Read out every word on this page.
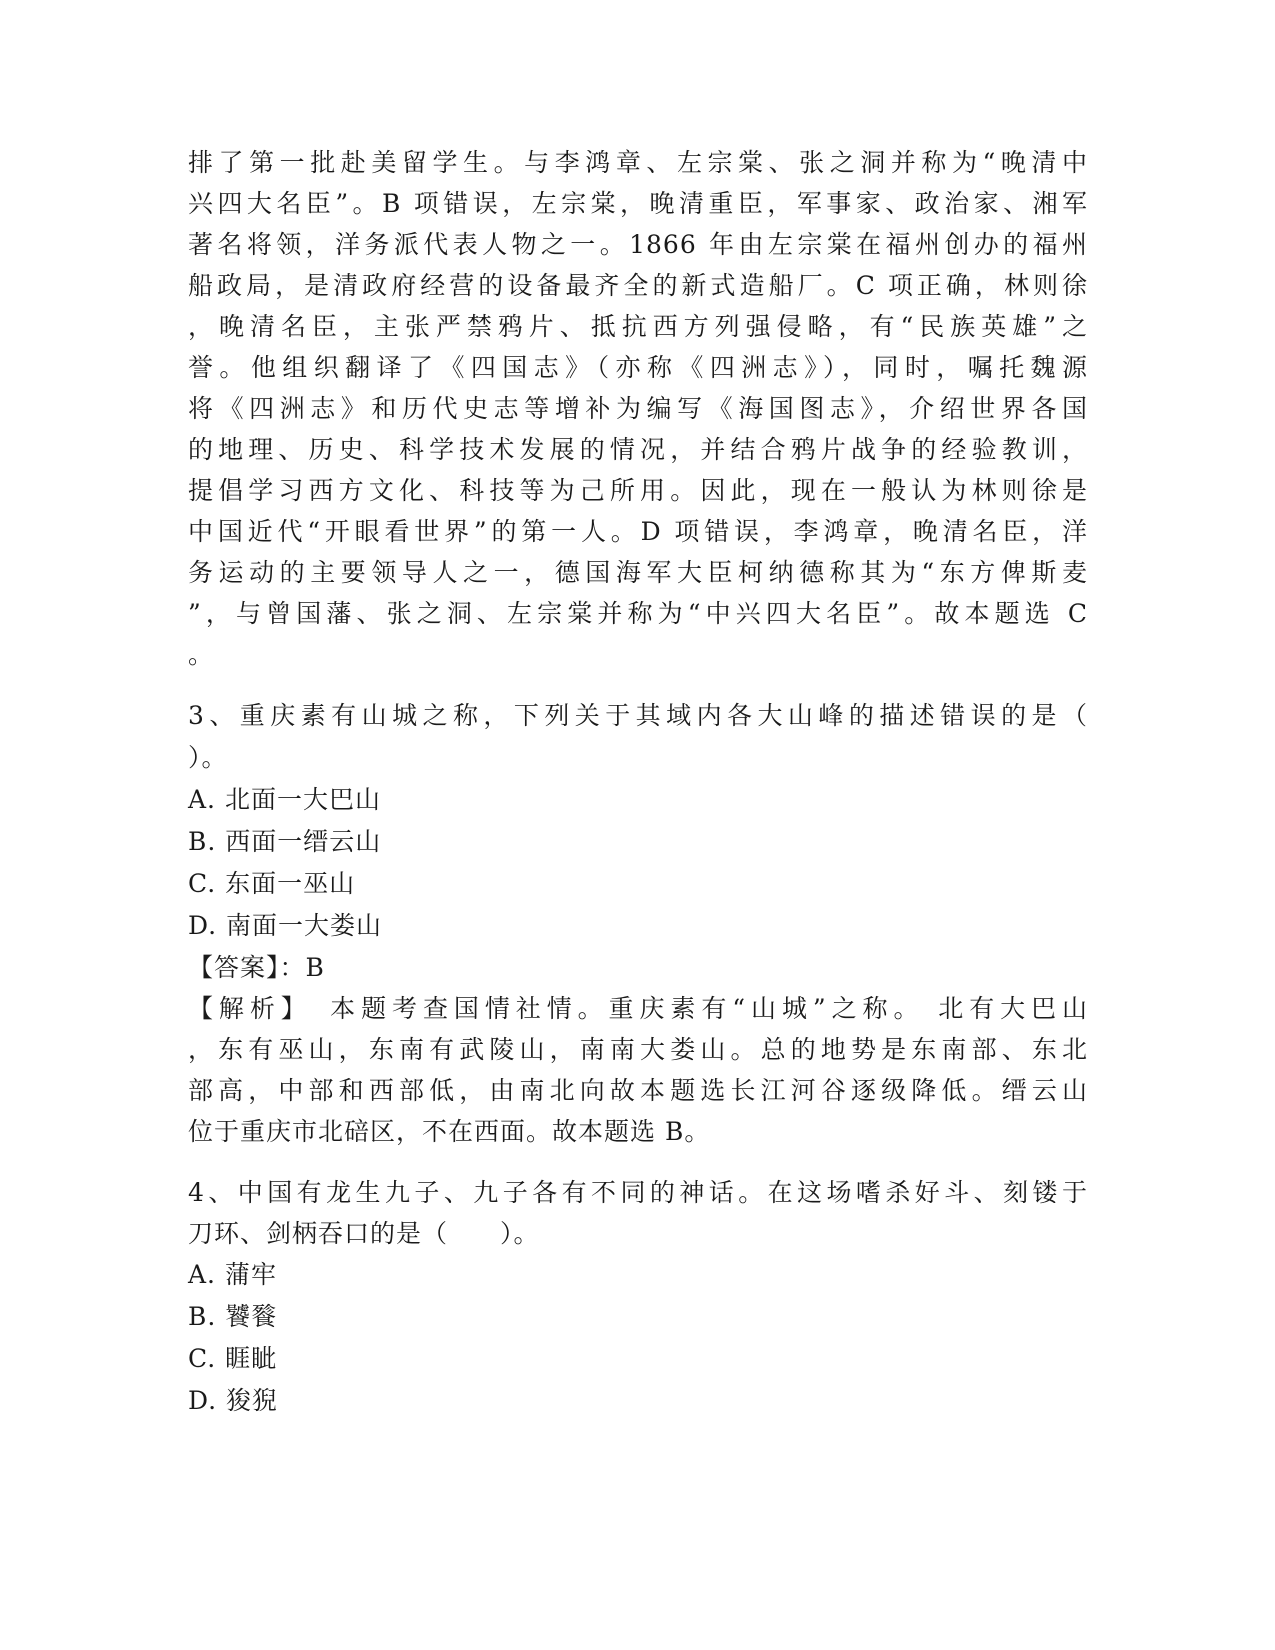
排了第一批赴美留学生。与李鸿章、左宗棠、张之洞并称为“晚清中
兴四大名臣”。B 项错误，左宗棠，晚清重臣，军事家、政治家、湘军
著名将领，洋务派代表人物之一。1866 年由左宗棠在福州创办的福州
船政局，是清政府经营的设备最齐全的新式造船厂。C 项正确，林则徐
，晚清名臣，主张严禁鸦片、抵抗西方列强侵略，有“民族英雄”之
誉。他组织翻译了《四国志》（亦称《四洲志》），同时，嘱托魏源
将《四洲志》和历代史志等增补为编写《海国图志》，介绍世界各国
的地理、历史、科学技术发展的情况，并结合鸦片战争的经验教训，
提倡学习西方文化、科技等为己所用。因此，现在一般认为林则徐是
中国近代“开眼看世界”的第一人。D 项错误，李鸿章，晚清名臣，洋
务运动的主要领导人之一，德国海军大臣柯纳德称其为“东方俾斯麦
”，与曾国藩、张之洞、左宗棠并称为“中兴四大名臣”。故本题选 C
。
3、重庆素有山城之称，下列关于其域内各大山峰的描述错误的是（
）。
A. 北面一大巴山
B. 西面一缙云山
C. 东面一巫山
D. 南面一大娄山
【答案】：B
【解析】　本题考查国情社情。重庆素有“山城”之称。 北有大巴山
，东有巫山，东南有武陵山，南南大娄山。总的地势是东南部、东北
部高，中部和西部低，由南北向故本题选长江河谷逐级降低。缙云山
位于重庆市北碚区，不在西面。故本题选 B。
4、中国有龙生九子、九子各有不同的神话。在这场嗜杀好斗、刻镂于
刀环、剑柄吞口的是（　　）。
A. 蒲牢
B. 饕餮
C. 睚眦
D. 狻猊
